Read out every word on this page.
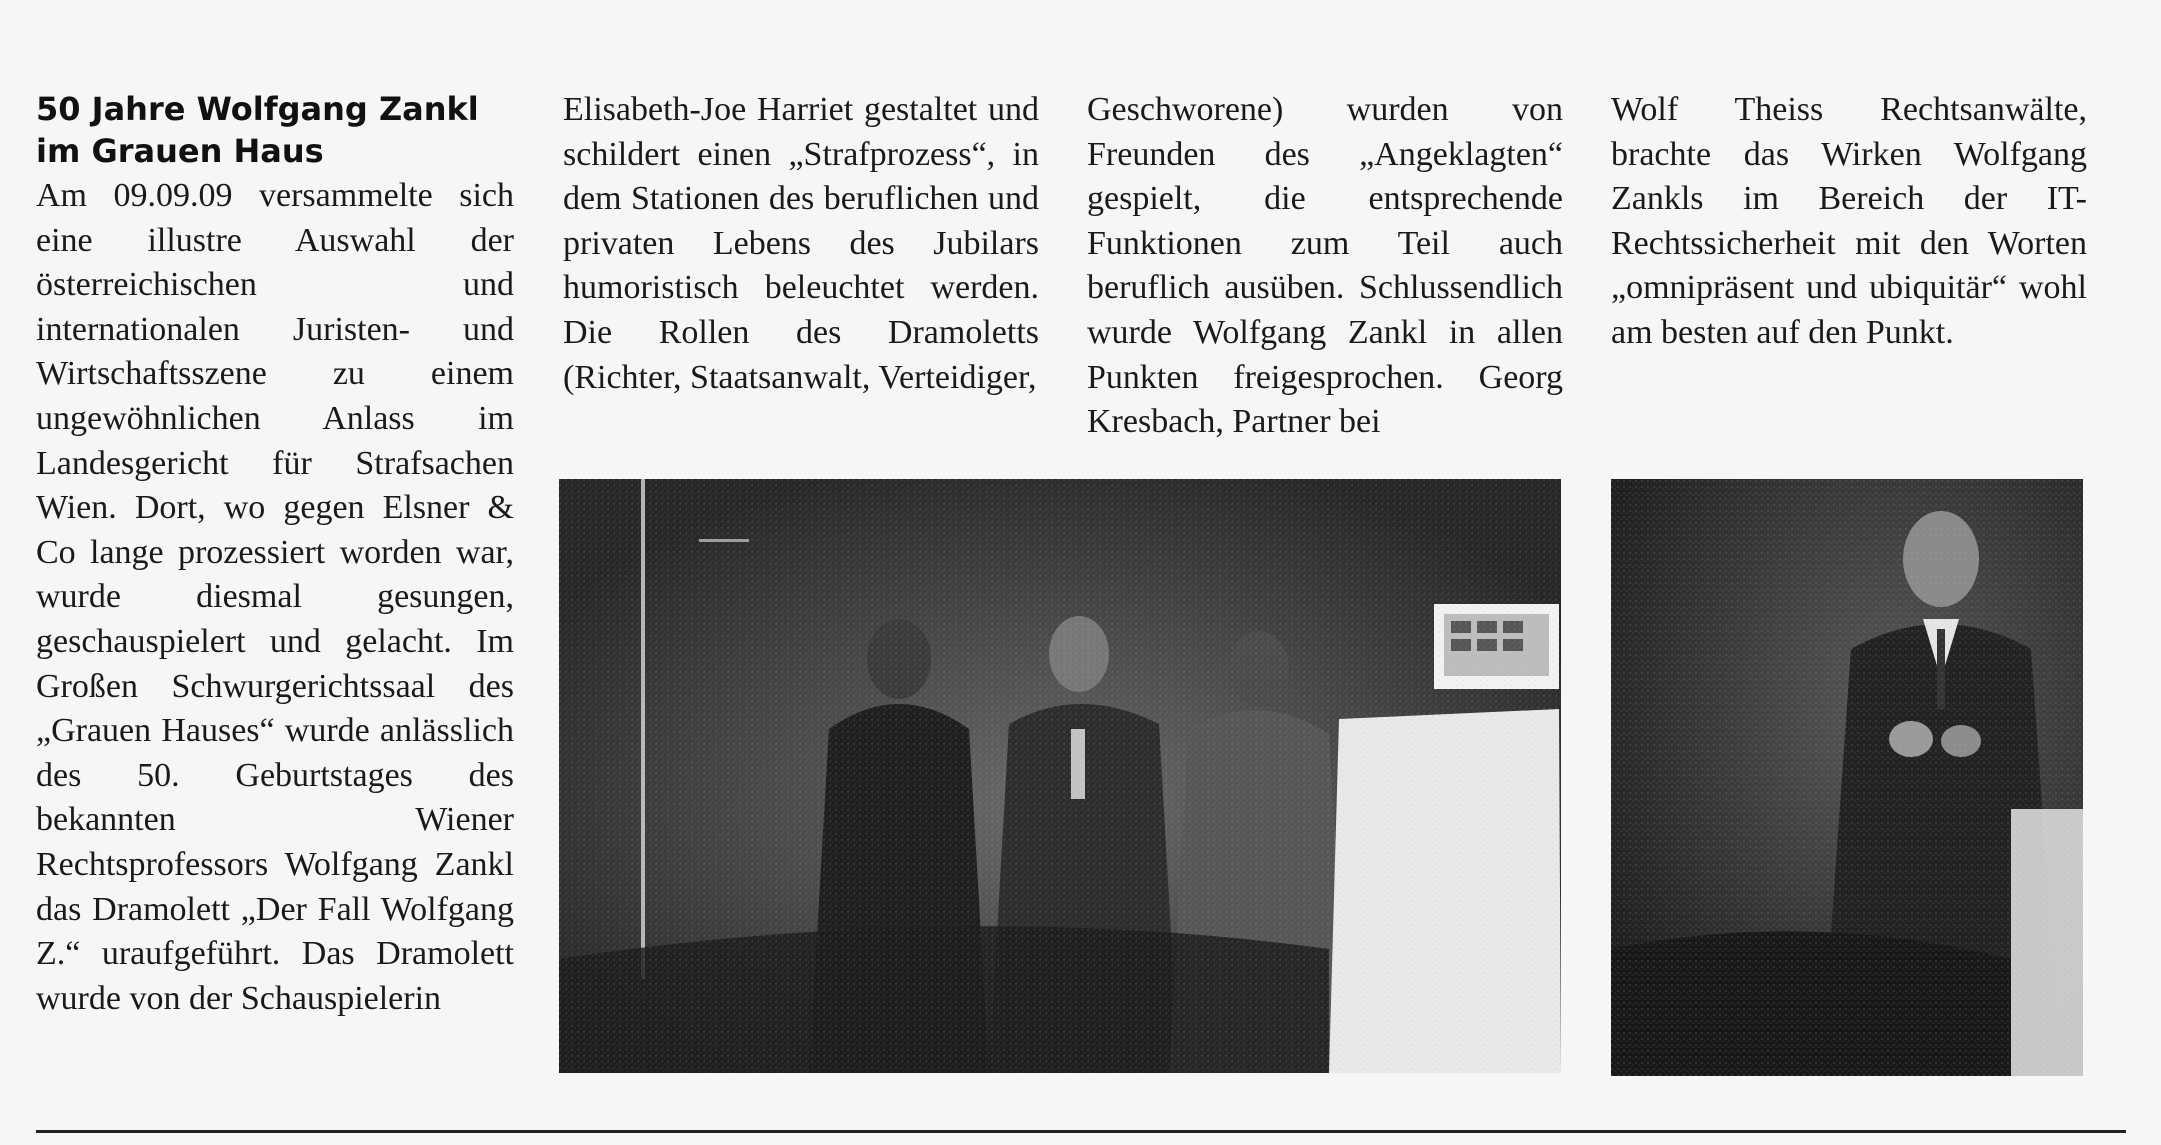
50 Jahre Wolfgang Zankl
im Grauen Haus

Am 09.09.09 versammelte sich eine illustre Auswahl der österreichischen und internationalen Juristen- und Wirtschaftsszene zu einem ungewöhnlichen Anlass im Landesgericht für Strafsachen Wien. Dort, wo gegen Elsner & Co lange prozessiert worden war, wurde diesmal gesungen, geschauspielert und gelacht. Im Großen Schwurgerichtssaal des „Grauen Hauses“ wurde anlässlich des 50. Geburtstages des bekannten Wiener Rechtsprofessors Wolfgang Zankl das Dramolett „Der Fall Wolfgang Z.“ uraufgeführt. Das Dramolett wurde von der Schauspielerin

Elisabeth-Joe Harriet gestaltet und schildert einen „Strafprozess“, in dem Stationen des beruflichen und privaten Lebens des Jubilars humoristisch beleuchtet werden. Die Rollen des Dramoletts (Richter, Staatsanwalt, Verteidiger,

Geschworene) wurden von Freunden des „Angeklagten“ gespielt, die entsprechende Funktionen zum Teil auch beruflich ausüben. Schlussendlich wurde Wolfgang Zankl in allen Punkten freigesprochen. Georg Kresbach, Partner bei

Wolf Theiss Rechtsanwälte, brachte das Wirken Wolfgang Zankls im Bereich der IT-Rechtssicherheit mit den Worten „omnipräsent und ubiquitär“ wohl am besten auf den Punkt.
